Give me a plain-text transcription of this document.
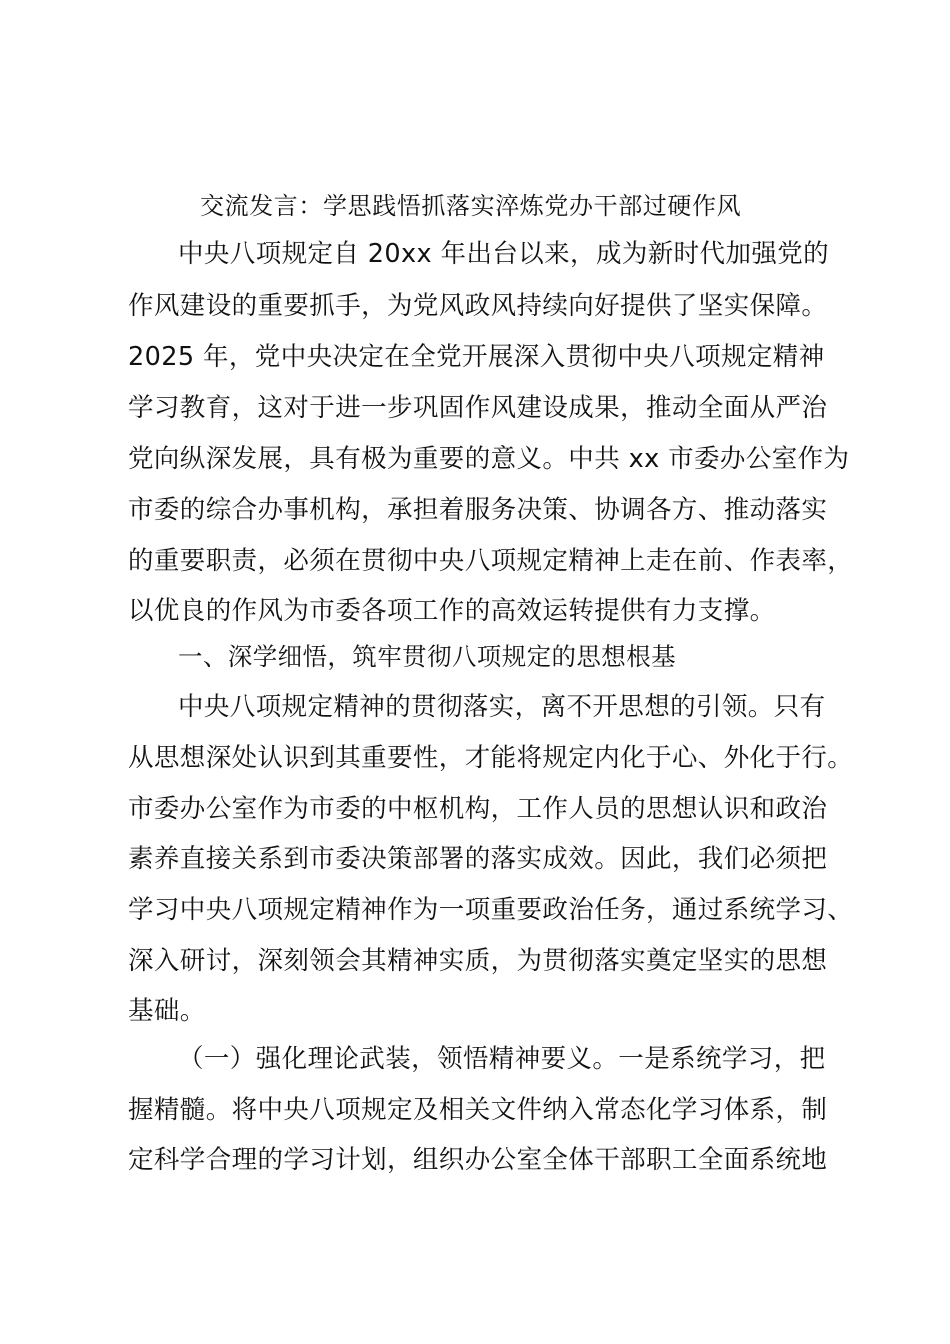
交流发言：学思践悟抓落实淬炼党办干部过硬作风
中央八项规定自 20xx 年出台以来，成为新时代加强党的
作风建设的重要抓手，为党风政风持续向好提供了坚实保障。
2025 年，党中央决定在全党开展深入贯彻中央八项规定精神
学习教育，这对于进一步巩固作风建设成果，推动全面从严治
党向纵深发展，具有极为重要的意义。中共 xx 市委办公室作为
市委的综合办事机构，承担着服务决策、协调各方、推动落实
的重要职责，必须在贯彻中央八项规定精神上走在前、作表率，
以优良的作风为市委各项工作的高效运转提供有力支撑。
一、深学细悟，筑牢贯彻八项规定的思想根基
中央八项规定精神的贯彻落实，离不开思想的引领。只有
从思想深处认识到其重要性，才能将规定内化于心、外化于行。
市委办公室作为市委的中枢机构，工作人员的思想认识和政治
素养直接关系到市委决策部署的落实成效。因此，我们必须把
学习中央八项规定精神作为一项重要政治任务，通过系统学习、
深入研讨，深刻领会其精神实质，为贯彻落实奠定坚实的思想
基础。
（一）强化理论武装，领悟精神要义。一是系统学习，把
握精髓。将中央八项规定及相关文件纳入常态化学习体系，制
定科学合理的学习计划，组织办公室全体干部职工全面系统地
